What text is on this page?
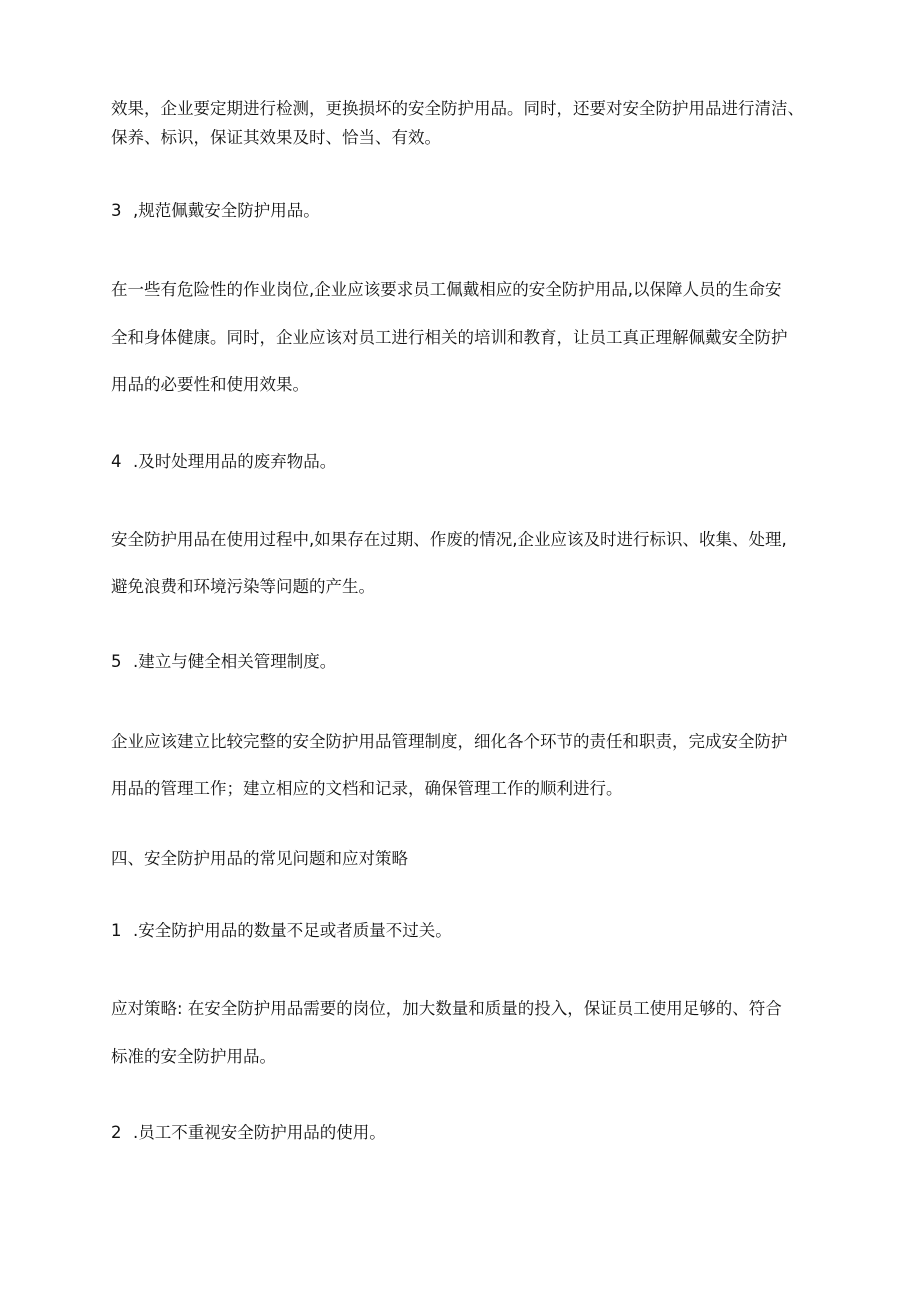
效果，企业要定期进行检测，更换损坏的安全防护用品。同时，还要对安全防护用品进行清洁、

保养、标识，保证其效果及时、恰当、有效。

3 ,规范佩戴安全防护用品。

在一些有危险性的作业岗位,企业应该要求员工佩戴相应的安全防护用品,以保障人员的生命安

全和身体健康。同时，企业应该对员工进行相关的培训和教育，让员工真正理解佩戴安全防护

用品的必要性和使用效果。

4 .及时处理用品的废弃物品。

安全防护用品在使用过程中,如果存在过期、作废的情况,企业应该及时进行标识、收集、处理,

避免浪费和环境污染等问题的产生。

5 .建立与健全相关管理制度。

企业应该建立比较完整的安全防护用品管理制度，细化各个环节的责任和职责，完成安全防护

用品的管理工作；建立相应的文档和记录，确保管理工作的顺利进行。

四、安全防护用品的常见问题和应对策略

1 .安全防护用品的数量不足或者质量不过关。

应对策略: 在安全防护用品需要的岗位，加大数量和质量的投入，保证员工使用足够的、符合

标准的安全防护用品。

2 .员工不重视安全防护用品的使用。
